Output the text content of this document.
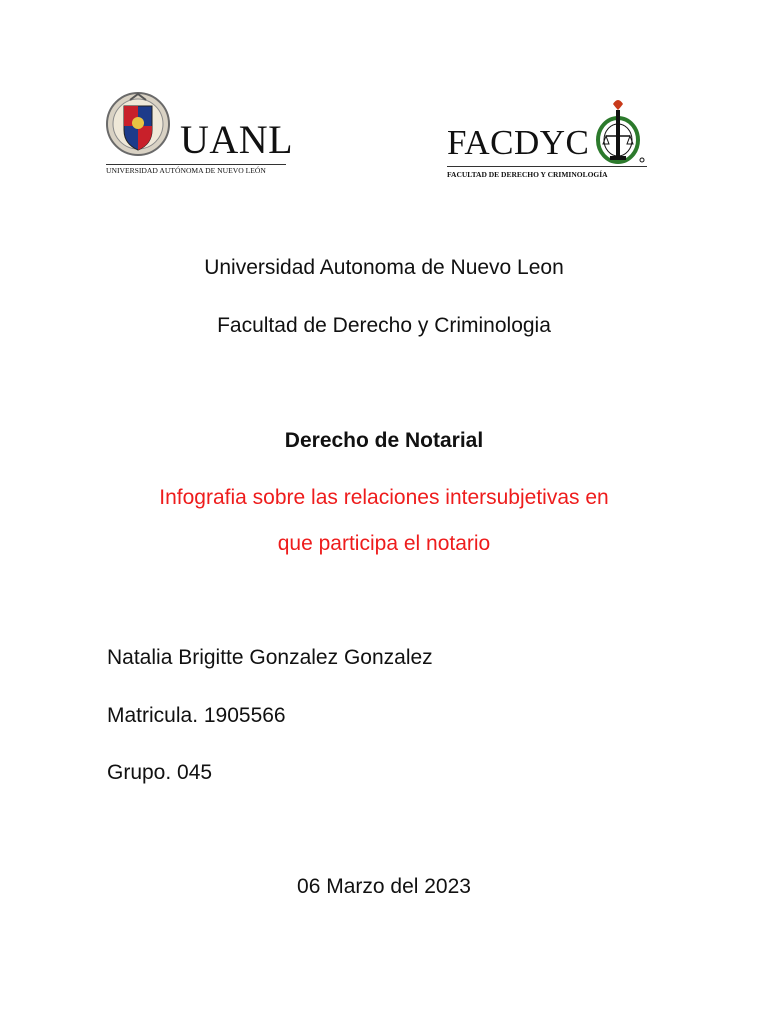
UANL
UNIVERSIDAD AUTÓNOMA DE NUEVO LEÓN
FACDYC
FACULTAD DE DERECHO Y CRIMINOLOGÍA
Universidad Autonoma de Nuevo Leon
Facultad de Derecho y Criminologia
Derecho de Notarial
Infografia sobre las relaciones intersubjetivas en
que participa el notario
Natalia Brigitte Gonzalez Gonzalez
Matricula. 1905566
Grupo. 045
06 Marzo del 2023
